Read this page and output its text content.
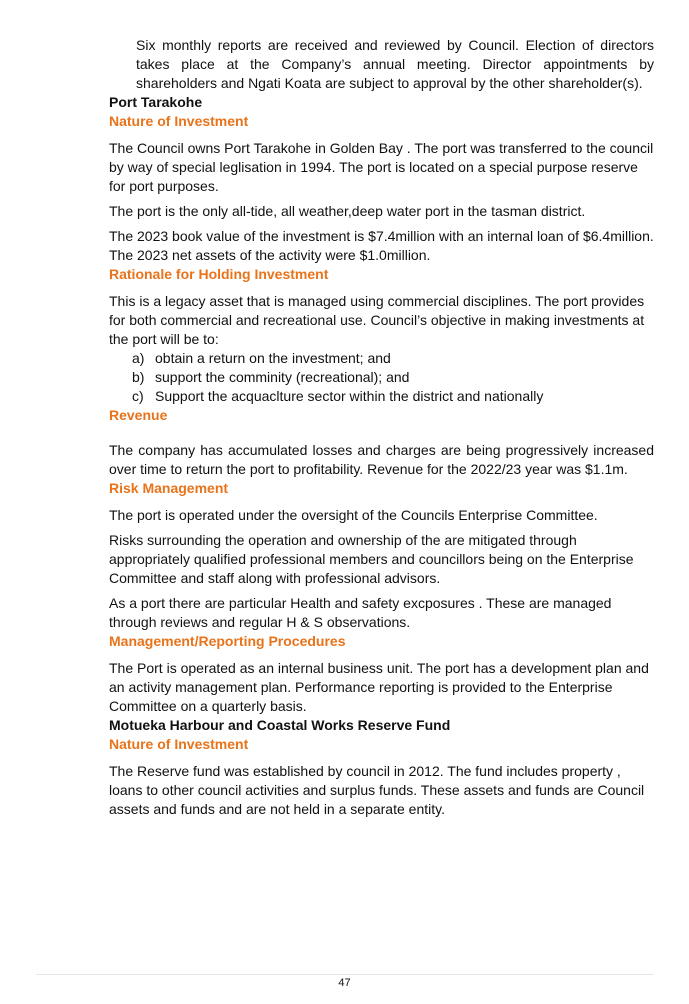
Six monthly reports are received and reviewed by Council. Election of directors takes place at the Company’s annual meeting. Director appointments by shareholders and Ngati Koata are subject to approval by the other shareholder(s).

Port Tarakohe
Nature of Investment

The Council owns Port Tarakohe in Golden Bay . The port was transferred to the council by way of special leglisation in 1994. The port is located on a special purpose reserve for port purposes.

The port is the only all-tide, all weather,deep water port in the tasman district.

The 2023 book value of the investment is $7.4million with an internal loan of $6.4million. The 2023 net assets of the activity were $1.0million.

Rationale for Holding Investment

This is a legacy asset that is managed using commercial disciplines. The port provides for both commercial and recreational use. Council’s objective in making investments at the port will be to:

a) obtain a return on the investment; and
b) support the comminity (recreational); and
c) Support the acquaclture sector within the district and nationally
Revenue

The company has accumulated losses and charges are being progressively increased over time to return the port to profitability. Revenue for the 2022/23 year was $1.1m.

Risk Management

The port is operated under the oversight of the Councils Enterprise Committee.

Risks surrounding the operation and ownership of the are mitigated through appropriately qualified professional members and councillors being on the Enterprise Committee and staff along with professional advisors.

As a port there are particular Health and safety excposures . These are managed through reviews and regular H & S observations.

Management/Reporting Procedures

The Port is operated as an internal business unit. The port has a development plan and an activity management plan. Performance reporting is provided to the Enterprise Committee on a quarterly basis.

Motueka Harbour and Coastal Works Reserve Fund
Nature of Investment

The Reserve fund was established by council in 2012. The fund includes property , loans to other council activities and surplus funds. These assets and funds are Council assets and funds and are not held in a separate entity.

47
